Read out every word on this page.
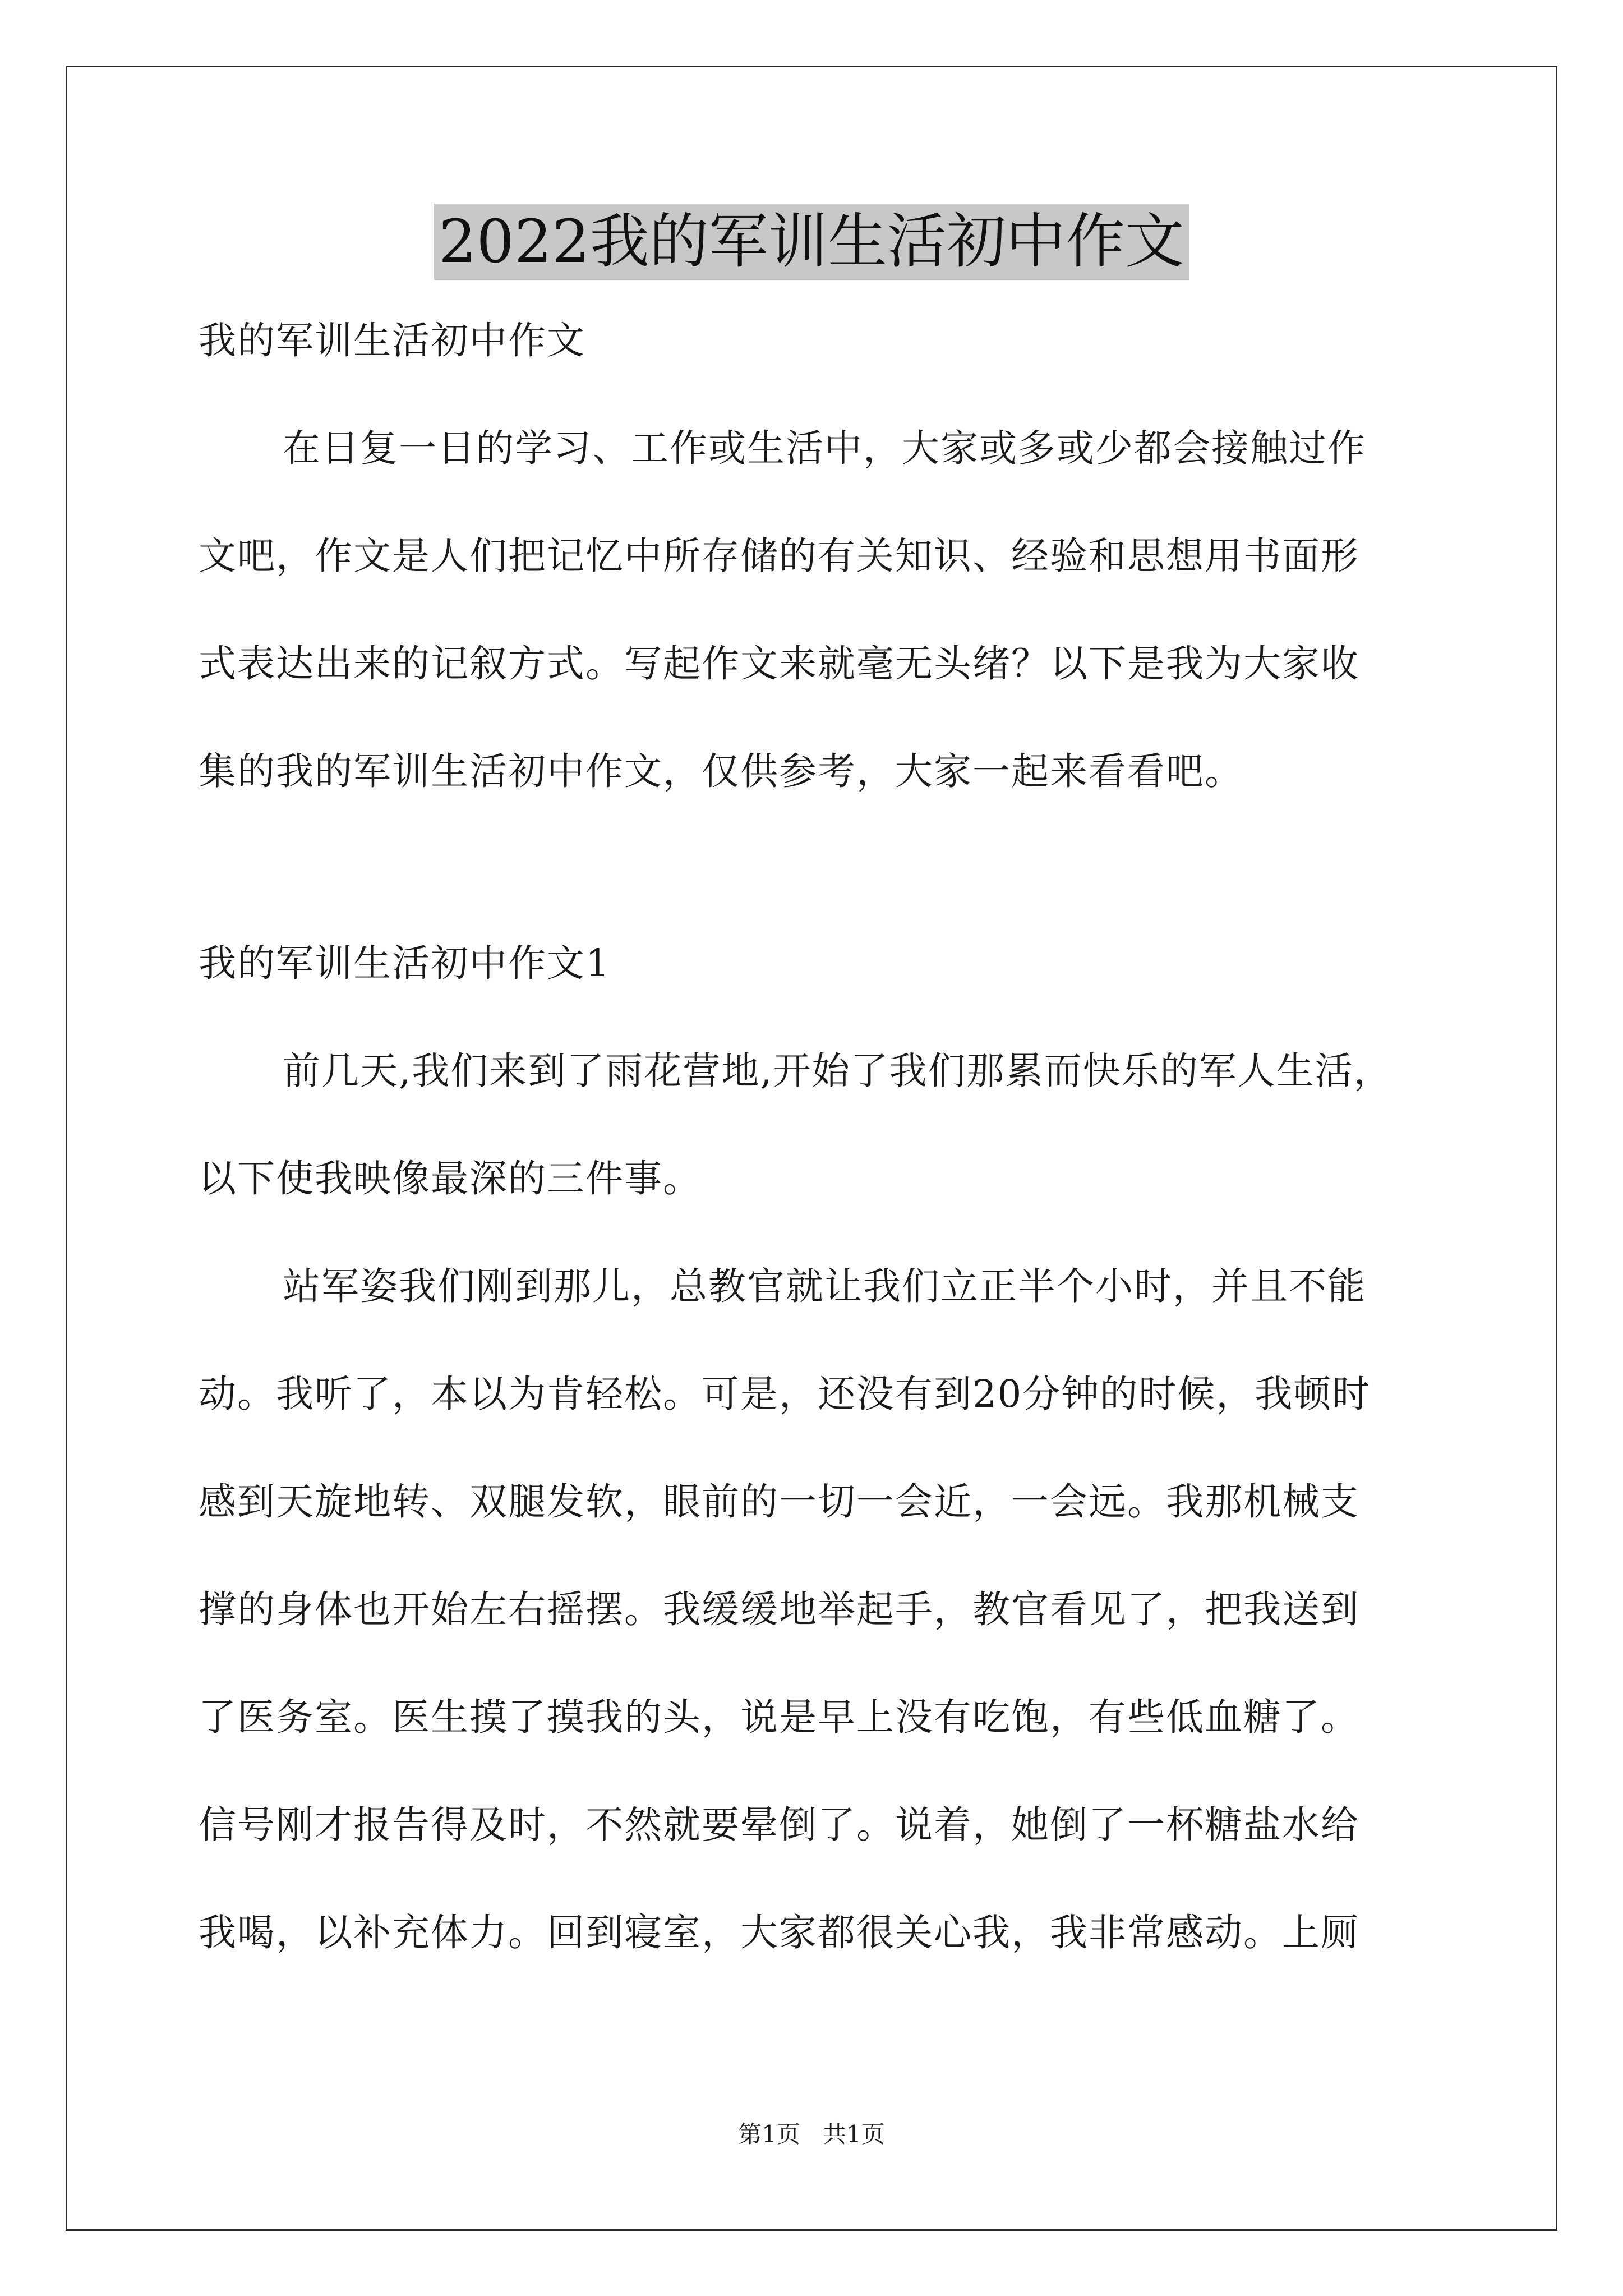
2022我的军训生活初中作文
我的军训生活初中作文
在日复一日的学习、工作或生活中，大家或多或少都会接触过作
文吧，作文是人们把记忆中所存储的有关知识、经验和思想用书面形
式表达出来的记叙方式。写起作文来就毫无头绪？以下是我为大家收
集的我的军训生活初中作文，仅供参考，大家一起来看看吧。
我的军训生活初中作文1
前几天,我们来到了雨花营地,开始了我们那累而快乐的军人生活，
以下使我映像最深的三件事。
站军姿我们刚到那儿，总教官就让我们立正半个小时，并且不能
动。我听了，本以为肯轻松。可是，还没有到20分钟的时候，我顿时
感到天旋地转、双腿发软，眼前的一切一会近，一会远。我那机械支
撑的身体也开始左右摇摆。我缓缓地举起手，教官看见了，把我送到
了医务室。医生摸了摸我的头，说是早上没有吃饱，有些低血糖了。
信号刚才报告得及时，不然就要晕倒了。说着，她倒了一杯糖盐水给
我喝，以补充体力。回到寝室，大家都很关心我，我非常感动。上厕
第1页 共1页
